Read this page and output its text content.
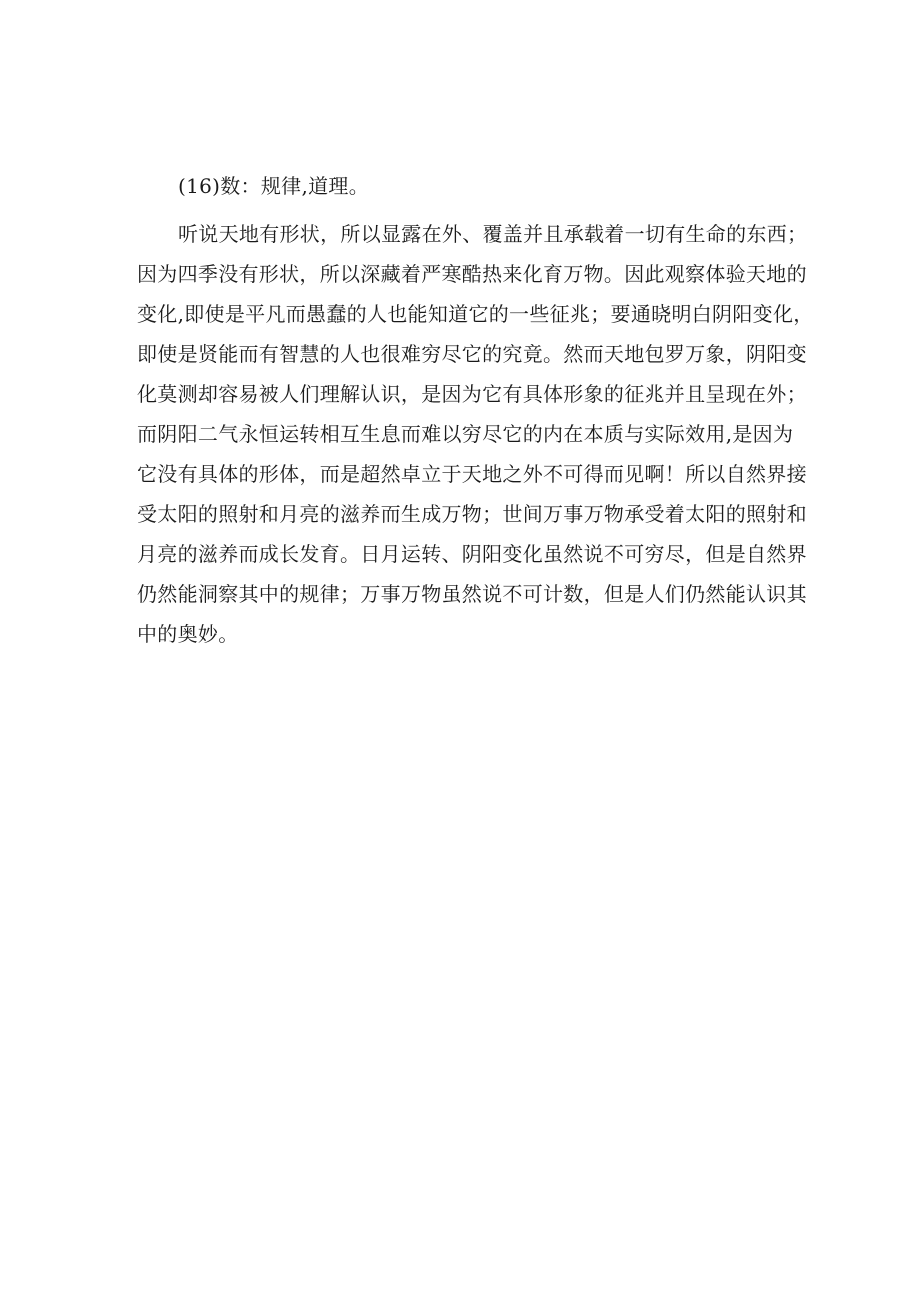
(16)数：规律,道理。

听说天地有形状，所以显露在外、覆盖并且承载着一切有生命的东西；
因为四季没有形状，所以深藏着严寒酷热来化育万物。因此观察体验天地的
变化,即使是平凡而愚蠢的人也能知道它的一些征兆；要通晓明白阴阳变化，
即使是贤能而有智慧的人也很难穷尽它的究竟。然而天地包罗万象，阴阳变
化莫测却容易被人们理解认识，是因为它有具体形象的征兆并且呈现在外；
而阴阳二气永恒运转相互生息而难以穷尽它的内在本质与实际效用,是因为
它没有具体的形体，而是超然卓立于天地之外不可得而见啊！所以自然界接
受太阳的照射和月亮的滋养而生成万物；世间万事万物承受着太阳的照射和
月亮的滋养而成长发育。日月运转、阴阳变化虽然说不可穷尽，但是自然界
仍然能洞察其中的规律；万事万物虽然说不可计数，但是人们仍然能认识其
中的奥妙。
